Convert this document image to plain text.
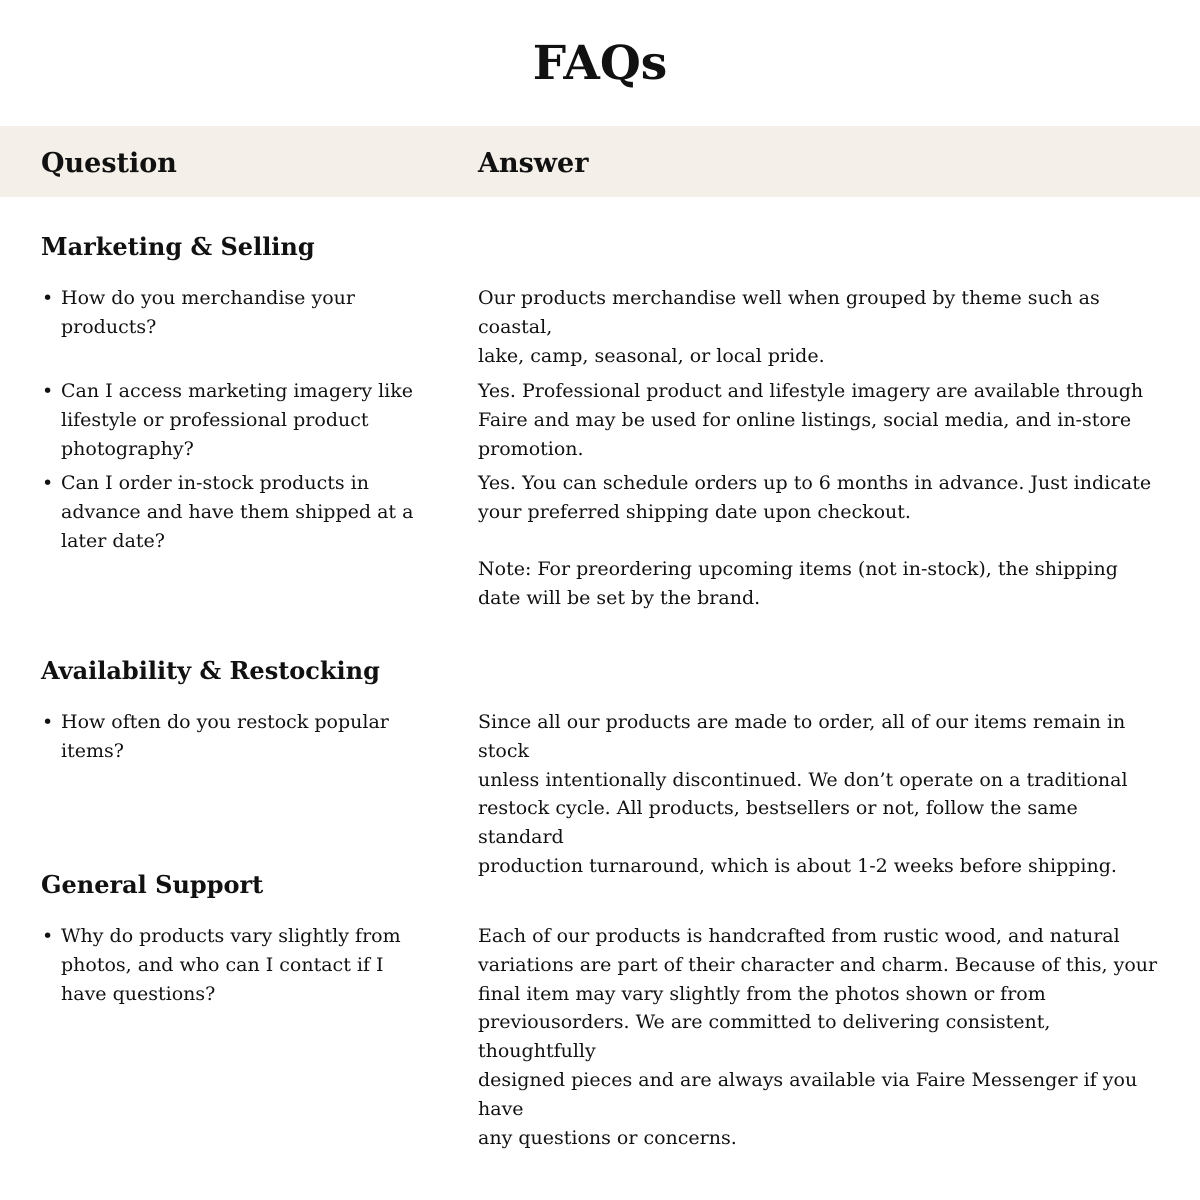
FAQs
Question	Answer
Marketing & Selling
• How do you merchandise your
products?

Our products merchandise well when grouped by theme such as coastal,
lake, camp, seasonal, or local pride.

• Can I access marketing imagery like
lifestyle or professional product
photography?

Yes. Professional product and lifestyle imagery are available through
Faire and may be used for online listings, social media, and in-store
promotion.

• Can I order in-stock products in
advance and have them shipped at a
later date?

Yes. You can schedule orders up to 6 months in advance. Just indicate
your preferred shipping date upon checkout.

Note: For preordering upcoming items (not in-stock), the shipping
date will be set by the brand.

Availability & Restocking
• How often do you restock popular
items?

Since all our products are made to order, all of our items remain in stock
unless intentionally discontinued. We don’t operate on a traditional
restock cycle. All products, bestsellers or not, follow the same standard
production turnaround, which is about 1-2 weeks before shipping.

General Support
• Why do products vary slightly from
photos, and who can I contact if I
have questions?

Each of our products is handcrafted from rustic wood, and natural
variations are part of their character and charm. Because of this, your
final item may vary slightly from the photos shown or from
previousorders. We are committed to delivering consistent, thoughtfully
designed pieces and are always available via Faire Messenger if you have
any questions or concerns.
